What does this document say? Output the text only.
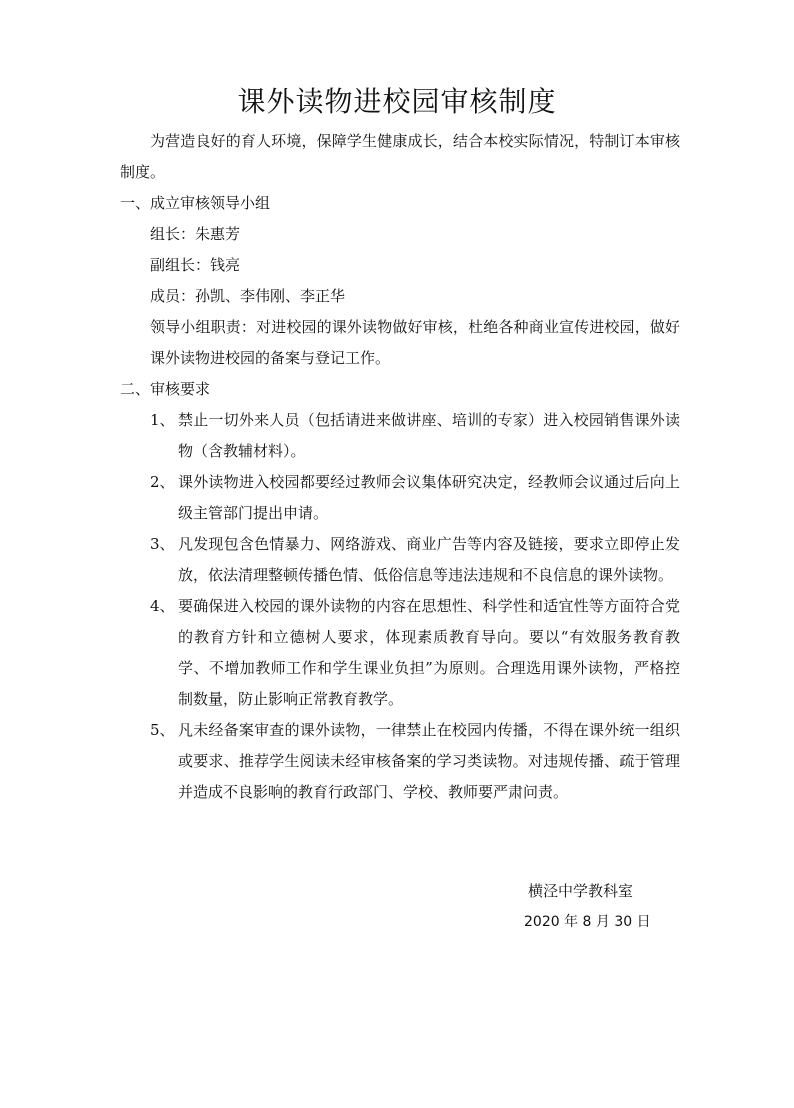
课外读物进校园审核制度

为营造良好的育人环境，保障学生健康成长，结合本校实际情况，特制订本审核制度。

一、成立审核领导小组

组长：朱惠芳

副组长：钱亮

成员：孙凯、李伟刚、李正华

领导小组职责：对进校园的课外读物做好审核，杜绝各种商业宣传进校园，做好课外读物进校园的备案与登记工作。

二、审核要求

1、 禁止一切外来人员（包括请进来做讲座、培训的专家）进入校园销售课外读物（含教辅材料）。
2、 课外读物进入校园都要经过教师会议集体研究决定，经教师会议通过后向上级主管部门提出申请。
3、 凡发现包含色情暴力、网络游戏、商业广告等内容及链接，要求立即停止发放，依法清理整顿传播色情、低俗信息等违法违规和不良信息的课外读物。
4、 要确保进入校园的课外读物的内容在思想性、科学性和适宜性等方面符合党的教育方针和立德树人要求，体现素质教育导向。要以“有效服务教育教学、不增加教师工作和学生课业负担”为原则。合理选用课外读物，严格控制数量，防止影响正常教育教学。
5、 凡未经备案审查的课外读物，一律禁止在校园内传播，不得在课外统一组织或要求、推荐学生阅读未经审核备案的学习类读物。对违规传播、疏于管理并造成不良影响的教育行政部门、学校、教师要严肃问责。
横泾中学教科室
2020 年 8 月 30 日
